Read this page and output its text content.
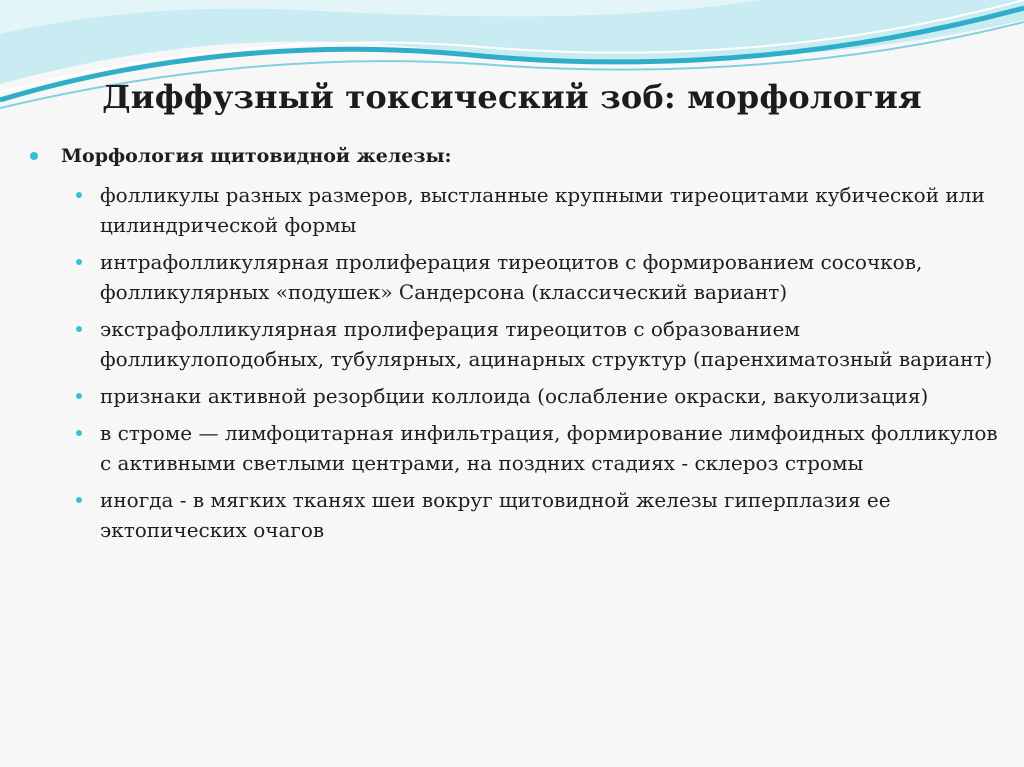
Диффузный токсический зоб: морфология
Морфология щитовидной железы:
фолликулы разных размеров, выстланные крупными тиреоцитами кубической или цилиндрической формы
интрафолликулярная пролиферация тиреоцитов с формированием сосочков, фолликулярных «подушек» Сандерсона (классический вариант)
экстрафолликулярная пролиферация тиреоцитов с образованием фолликулоподобных, тубулярных, ацинарных структур (паренхиматозный вариант)
признаки активной резорбции коллоида (ослабление окраски, вакуолизация)
в строме — лимфоцитарная инфильтрация, формирование лимфоидных фолликулов с активными светлыми центрами, на поздних стадиях - склероз стромы
иногда - в мягких тканях шеи вокруг щитовидной железы гиперплазия ее эктопических очагов
